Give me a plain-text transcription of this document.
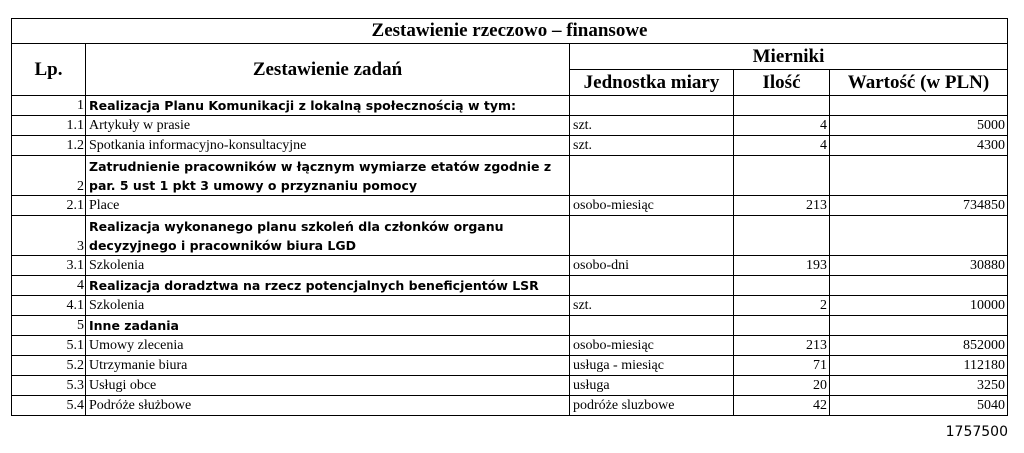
Zestawienie rzeczowo – finansowe				
Lp.	Zestawienie zadań	Mierniki		
		Jednostka miary	Ilość	Wartość (w PLN)
1	Realizacja Planu Komunikacji z lokalną społecznością w tym:			
1.1	Artykuły w prasie	szt.	4	5000
1.2	Spotkania informacyjno-konsultacyjne	szt.	4	4300
2	Zatrudnienie pracowników w łącznym wymiarze etatów zgodnie z par. 5 ust 1 pkt 3 umowy o przyznaniu pomocy			
2.1	Place	osobo-miesiąc	213	734850
3	Realizacja wykonanego planu szkoleń dla członków organu decyzyjnego i pracowników biura LGD			
3.1	Szkolenia	osobo-dni	193	30880
4	Realizacja doradztwa na rzecz potencjalnych beneficjentów LSR			
4.1	Szkolenia	szt.	2	10000
5	Inne zadania			
5.1	Umowy zlecenia	osobo-miesiąc	213	852000
5.2	Utrzymanie biura	usługa - miesiąc	71	112180
5.3	Usługi obce	usługa	20	3250
5.4	Podróże służbowe	podróże sluzbowe	42	5040
1757500
